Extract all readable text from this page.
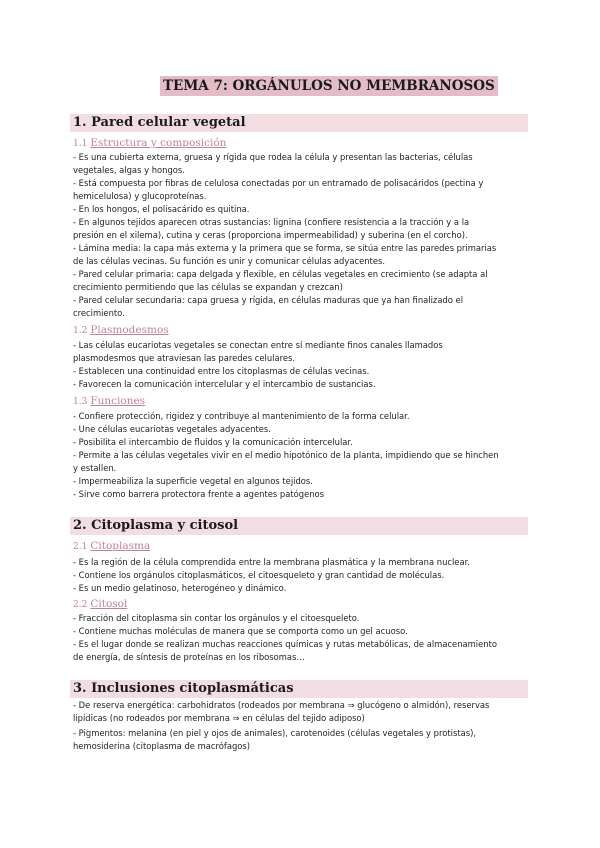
TEMA 7: ORGÁNULOS NO MEMBRANOSOS
1. Pared celular vegetal
1.1 Estructura y composición
- Es una cubierta externa, gruesa y rígida que rodea la célula y presentan las bacterias, células
vegetales, algas y hongos.
- Está compuesta por fibras de celulosa conectadas por un entramado de polisacáridos (pectina y
hemicelulosa) y glucoproteínas.
- En los hongos, el polisacárido es quitina.
- En algunos tejidos aparecen otras sustancias: lignina (confiere resistencia a la tracción y a la
presión en el xilema), cutina y ceras (proporciona impermeabilidad) y suberina (en el corcho).
- Lámina media: la capa más externa y la primera que se forma, se sitúa entre las paredes primarias
de las células vecinas. Su función es unir y comunicar células adyacentes.
- Pared celular primaria: capa delgada y flexible, en células vegetales en crecimiento (se adapta al
crecimiento permitiendo que las células se expandan y crezcan)
- Pared celular secundaria: capa gruesa y rígida, en células maduras que ya han finalizado el
crecimiento.
1.2 Plasmodesmos
- Las células eucariotas vegetales se conectan entre sí mediante finos canales llamados
plasmodesmos que atraviesan las paredes celulares.
- Establecen una continuidad entre los citoplasmas de células vecinas.
- Favorecen la comunicación intercelular y el intercambio de sustancias.
1.3 Funciones
- Confiere protección, rigidez y contribuye al mantenimiento de la forma celular.
- Une células eucariotas vegetales adyacentes.
- Posibilita el intercambio de fluidos y la comunicación intercelular.
- Permite a las células vegetales vivir en el medio hipotónico de la planta, impidiendo que se hinchen
y estallen.
- Impermeabiliza la superficie vegetal en algunos tejidos.
- Sirve como barrera protectora frente a agentes patógenos
2. Citoplasma y citosol
2.1 Citoplasma
- Es la región de la célula comprendida entre la membrana plasmática y la membrana nuclear.
- Contiene los orgánulos citoplasmáticos, el citoesqueleto y gran cantidad de moléculas.
- Es un medio gelatinoso, heterogéneo y dinámico.
2.2 Citosol
- Fracción del citoplasma sin contar los orgánulos y el citoesqueleto.
- Contiene muchas moléculas de manera que se comporta como un gel acuoso.
- Es el lugar donde se realizan muchas reacciones químicas y rutas metabólicas, de almacenamiento
de energía, de síntesis de proteínas en los ribosomas…
3. Inclusiones citoplasmáticas
- De reserva energética: carbohidratos (rodeados por membrana ⇒ glucógeno o almidón), reservas
lipídicas (no rodeados por membrana ⇒ en células del tejido adiposo)
- Pigmentos: melanina (en piel y ojos de animales), carotenoides (células vegetales y protistas),
hemosiderina (citoplasma de macrófagos)
